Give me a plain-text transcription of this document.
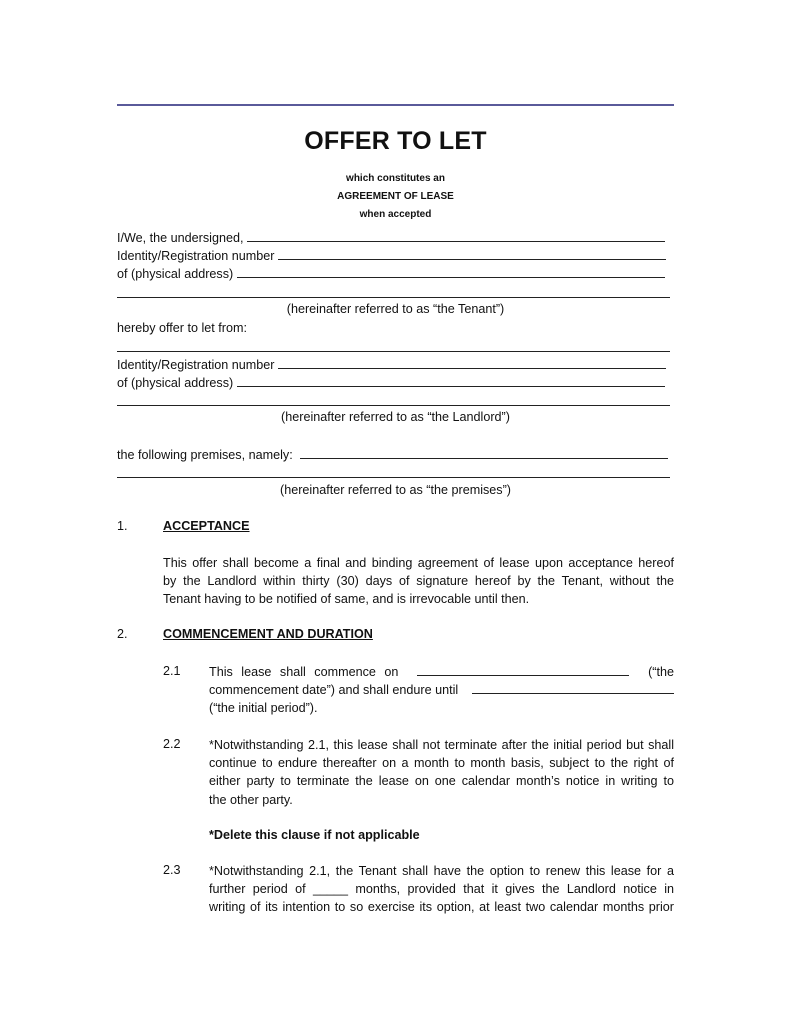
OFFER TO LET
which constitutes an
AGREEMENT OF LEASE
when accepted
I/We, the undersigned,
Identity/Registration number
of (physical address)
(hereinafter referred to as “the Tenant”)
hereby offer to let from:
Identity/Registration number
of (physical address)
(hereinafter referred to as “the Landlord”)
the following premises, namely:
(hereinafter referred to as “the premises”)
1.	ACCEPTANCE
This offer shall become a final and binding agreement of lease upon acceptance hereof
by the Landlord within thirty (30) days of signature hereof by the Tenant, without the
Tenant having to be notified of same, and is irrevocable until then.
2.	COMMENCEMENT AND DURATION
2.1 This lease shall commence on	(“the
commencement date”) and shall endure until
(“the initial period”).
2.2 *Notwithstanding 2.1, this lease shall not terminate after the initial period but shall
continue to endure thereafter on a month to month basis, subject to the right of
either party to terminate the lease on one calendar month’s notice in writing to
the other party.
*Delete this clause if not applicable
2.3 *Notwithstanding 2.1, the Tenant shall have the option to renew this lease for a
further period of _____ months, provided that it gives the Landlord notice in
writing of its intention to so exercise its option, at least two calendar months prior
